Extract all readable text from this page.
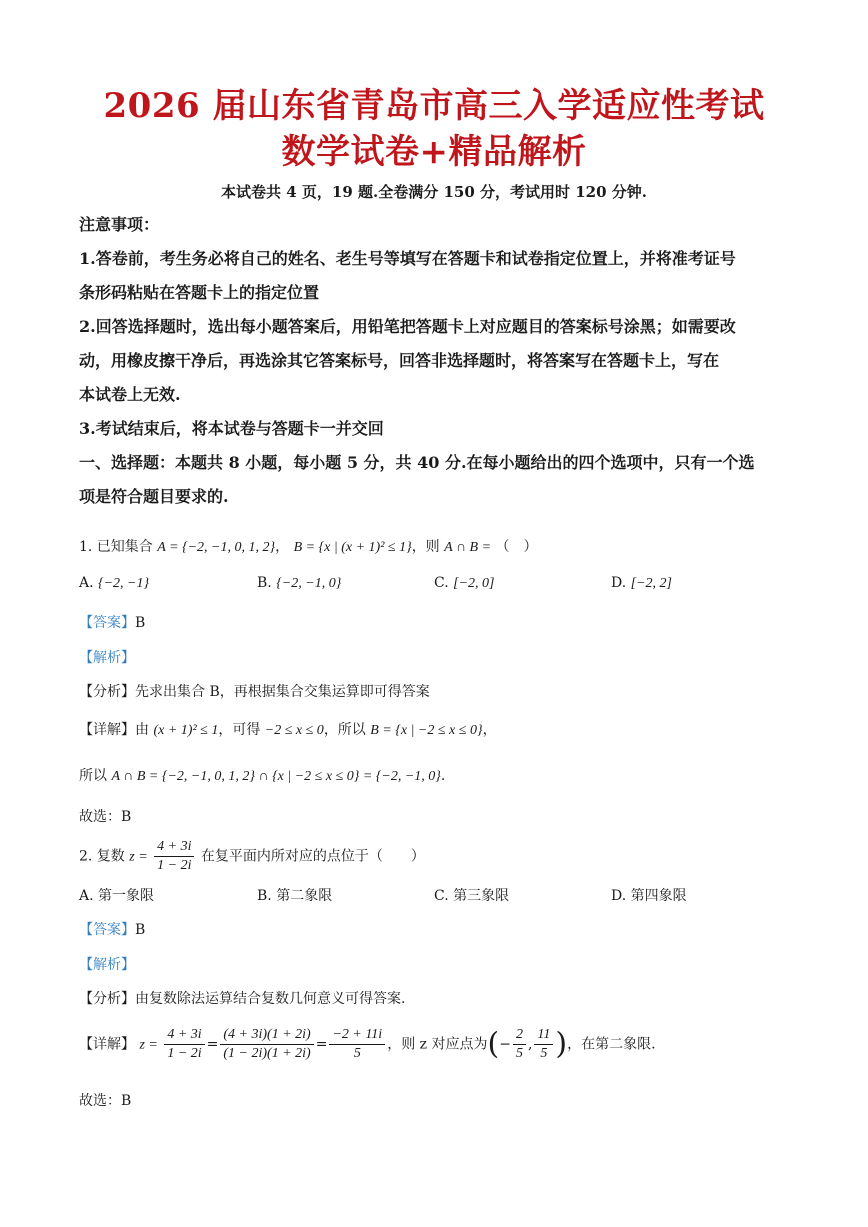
2026 届山东省青岛市高三入学适应性考试
数学试卷+精品解析
本试卷共 4 页，19 题.全卷满分 150 分，考试用时 120 分钟.
注意事项：
1.答卷前，考生务必将自己的姓名、老生号等填写在答题卡和试卷指定位置上，并将准考证号
条形码粘贴在答题卡上的指定位置
2.回答选择题时，选出每小题答案后，用铅笔把答题卡上对应题目的答案标号涂黑；如需要改
动，用橡皮擦干净后，再选涂其它答案标号，回答非选择题时，将答案写在答题卡上，写在
本试卷上无效.
3.考试结束后，将本试卷与答题卡一并交回
一、选择题：本题共 8 小题，每小题 5 分，共 40 分.在每小题给出的四个选项中，只有一个选
项是符合题目要求的.
1. 已知集合 A = {−2, −1, 0, 1, 2}， B = {x | (x + 1)² ≤ 1}，则 A ∩ B = （　）
A. {−2, −1}	B. {−2, −1, 0}	C. [−2, 0]	D. [−2, 2]
【答案】B
【解析】
【分析】先求出集合 B，再根据集合交集运算即可得答案
【详解】由 (x + 1)² ≤ 1，可得 −2 ≤ x ≤ 0，所以 B = {x | −2 ≤ x ≤ 0}，
所以 A ∩ B = {−2, −1, 0, 1, 2} ∩ {x | −2 ≤ x ≤ 0} = {−2, −1, 0}.
故选：B
2. 复数 $z = \frac{4 + 3i}{1 - 2i}$ 在复平面内所对应的点位于（　　）
A. 第一象限	B. 第二象限	C. 第三象限	D. 第四象限
【答案】B
【解析】
【分析】由复数除法运算结合复数几何意义可得答案.
【详解】 $z = \frac{4 + 3i}{1 - 2i} = \frac{(4 + 3i)(1 + 2i)}{(1 - 2i)(1 + 2i)} = \frac{-2 + 11i}{5}$ ，则 z 对应点为(− $\frac{2}{5}$ , $\frac{11}{5}$ )，在第二象限.
故选：B
